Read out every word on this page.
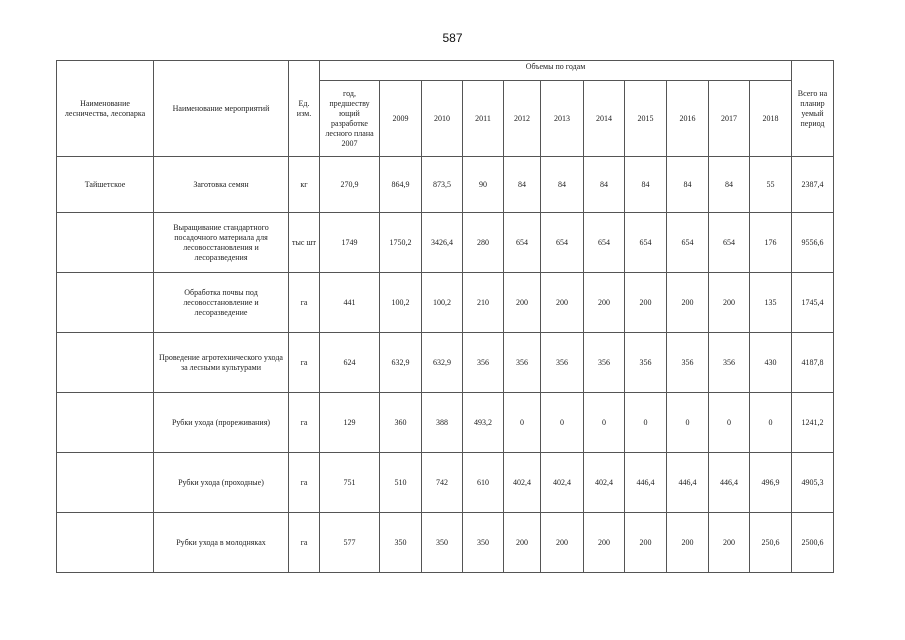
587
Наименование лесничества, лесопарка	Наименование мероприятий	Ед. изм.	Объемы по годам											Всего на планир уемый период
			год, предшеству ющий разработке лесного плана 2007	2009	2010	2011	2012	2013	2014	2015	2016	2017	2018	

Тайшетское	Заготовка семян	кг	270,9	864,9	873,5	90	84	84	84	84	84	84	55	2387,4
	Выращивание стандартного посадочного материала для лесовосстановления и лесоразведения	тыс шт	1749	1750,2	3426,4	280	654	654	654	654	654	654	176	9556,6
	Обработка почвы под лесовосстановление и лесоразведение	га	441	100,2	100,2	210	200	200	200	200	200	200	135	1745,4
	Проведение агротехнического ухода за лесными культурами	га	624	632,9	632,9	356	356	356	356	356	356	356	430	4187,8
	Рубки ухода (прореживания)	га	129	360	388	493,2	0	0	0	0	0	0	0	1241,2
	Рубки ухода (проходные)	га	751	510	742	610	402,4	402,4	402,4	446,4	446,4	446,4	496,9	4905,3
	Рубки ухода в молодняках	га	577	350	350	350	200	200	200	200	200	200	250,6	2500,6
